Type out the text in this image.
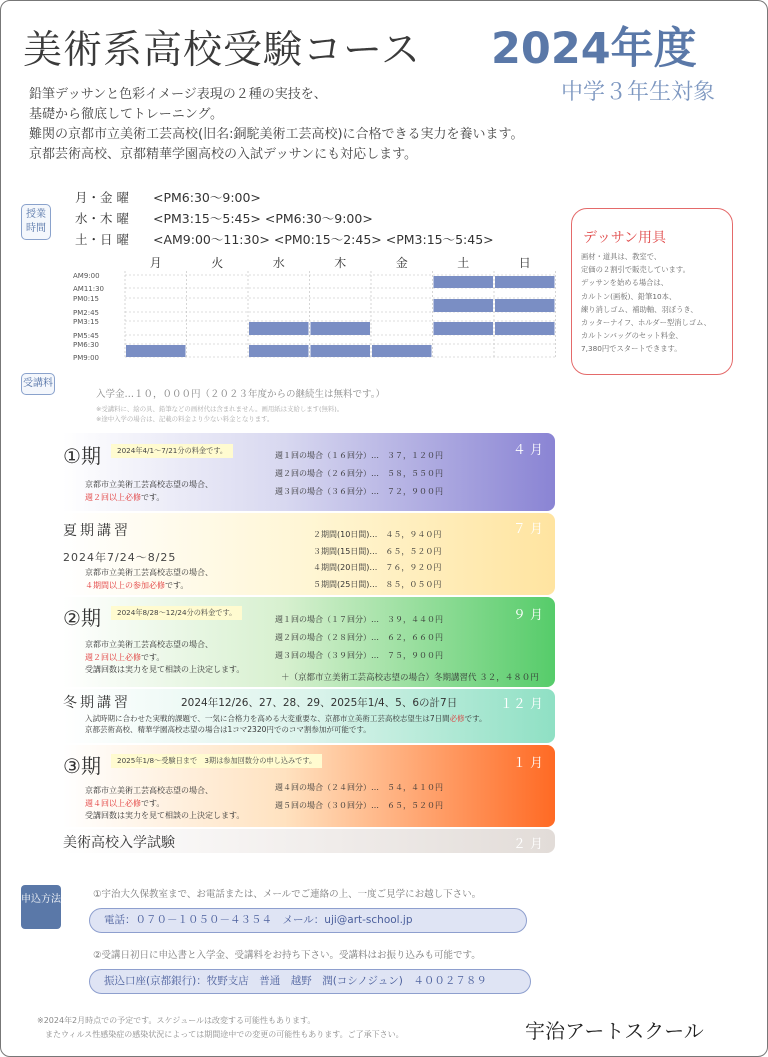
美術系高校受験コース 2024年度
中学３年生対象
鉛筆デッサンと色彩イメージ表現の２種の実技を、
基礎から徹底してトレーニング。
難関の京都市立美術工芸高校(旧名:銅駝美術工芸高校)に合格できる実力を養います。
京都芸術高校、京都精華学園高校の入試デッサンにも対応します。
授業時間
月・金 曜 <PM6:30〜9:00>
水・木 曜 <PM3:15〜5:45> <PM6:30〜9:00>
土・日 曜 <AM9:00〜11:30> <PM0:15〜2:45> <PM3:15〜5:45>
月	火	水	木	金	土	日
AM9:00
AM11:30
PM0:15
PM2:45
PM3:15
PM5:45
PM6:30
PM9:00
デッサン用具
画材・道具は、教室で、
定価の２割引で販売しています。
デッサンを始める場合は、
カルトン(画板)、鉛筆10本、
練り消しゴム、補助軸、羽ぼうき、
カッターナイフ、ホルダー型消しゴム、
カルトンバッグのセット料金、
7,380円でスタートできます。
受講料
入学金…１０，０００円（２０２３年度からの継続生は無料です。）
※受講料に、絵の具、鉛筆などの画材代は含まれません。画用紙は支給します(無料)。
※途中入学の場合は、記載の料金より少ない料金となります。
①期	2024年4/1〜7/21分の料金です。
京都市立美術工芸高校志望の場合、
週２回以上必修です。
週１回の場合（１６回分）…　３７，１２０円
週２回の場合（２６回分）…　５８，５５０円
週３回の場合（３６回分）…　７２，９００円
４ 月
夏期講習
2024年7/24〜8/25
京都市立美術工芸高校志望の場合、
４期間以上の参加必修です。
２期間(10日間)…　４５，９４０円
３期間(15日間)…　６５，５２０円
４期間(20日間)…　７６，９２０円
５期間(25日間)…　８５，０５０円
７ 月
②期	2024年8/28〜12/24分の料金です。
京都市立美術工芸高校志望の場合、
週２回以上必修です。
受講回数は実力を見て相談の上決定します。
週１回の場合（１７回分）…　３９，４４０円
週２回の場合（２８回分）…　６２，６６０円
週３回の場合（３９回分）…　７５，９００円
＋（京都市立美術工芸高校志望の場合）冬期講習代 ３２，４８０円
９ 月
冬期講習	2024年12/26、27、28、29、2025年1/4、5、6の計7日
入試時期に合わせた実戦的課題で、一気に合格力を高める大変重要な、京都市立美術工芸高校志望生は7日間必修です。
京都芸術高校、精華学園高校志望の場合は1コマ2320円でのコマ割参加が可能です。
１２ 月
③期	2025年1/8〜受験日まで　3期は参加回数分の申し込みです。
京都市立美術工芸高校志望の場合、
週４回以上必修です。
受講回数は実力を見て相談の上決定します。
週４回の場合（２４回分）…　５４，４１０円
週５回の場合（３０回分）…　６５，５２０円
１ 月
美術高校入学試験	２ 月
申込方法	①宇治大久保教室まで、お電話または、メールでご連絡の上、一度ご見学にお越し下さい。
電話：０７０－１０５０－４３５４　メール：uji@art-school.jp
②受講日初日に申込書と入学金、受講料をお持ち下さい。受講料はお振り込みも可能です。
振込口座(京都銀行)：牧野支店　普通　越野　潤(コシノジュン)　４００２７８９
※2024年2月時点での予定です。スケジュールは改変する可能性もあります。
　またウィルス性感染症の感染状況によっては期間途中での変更の可能性もあります。ご了承下さい。	宇治アートスクール
